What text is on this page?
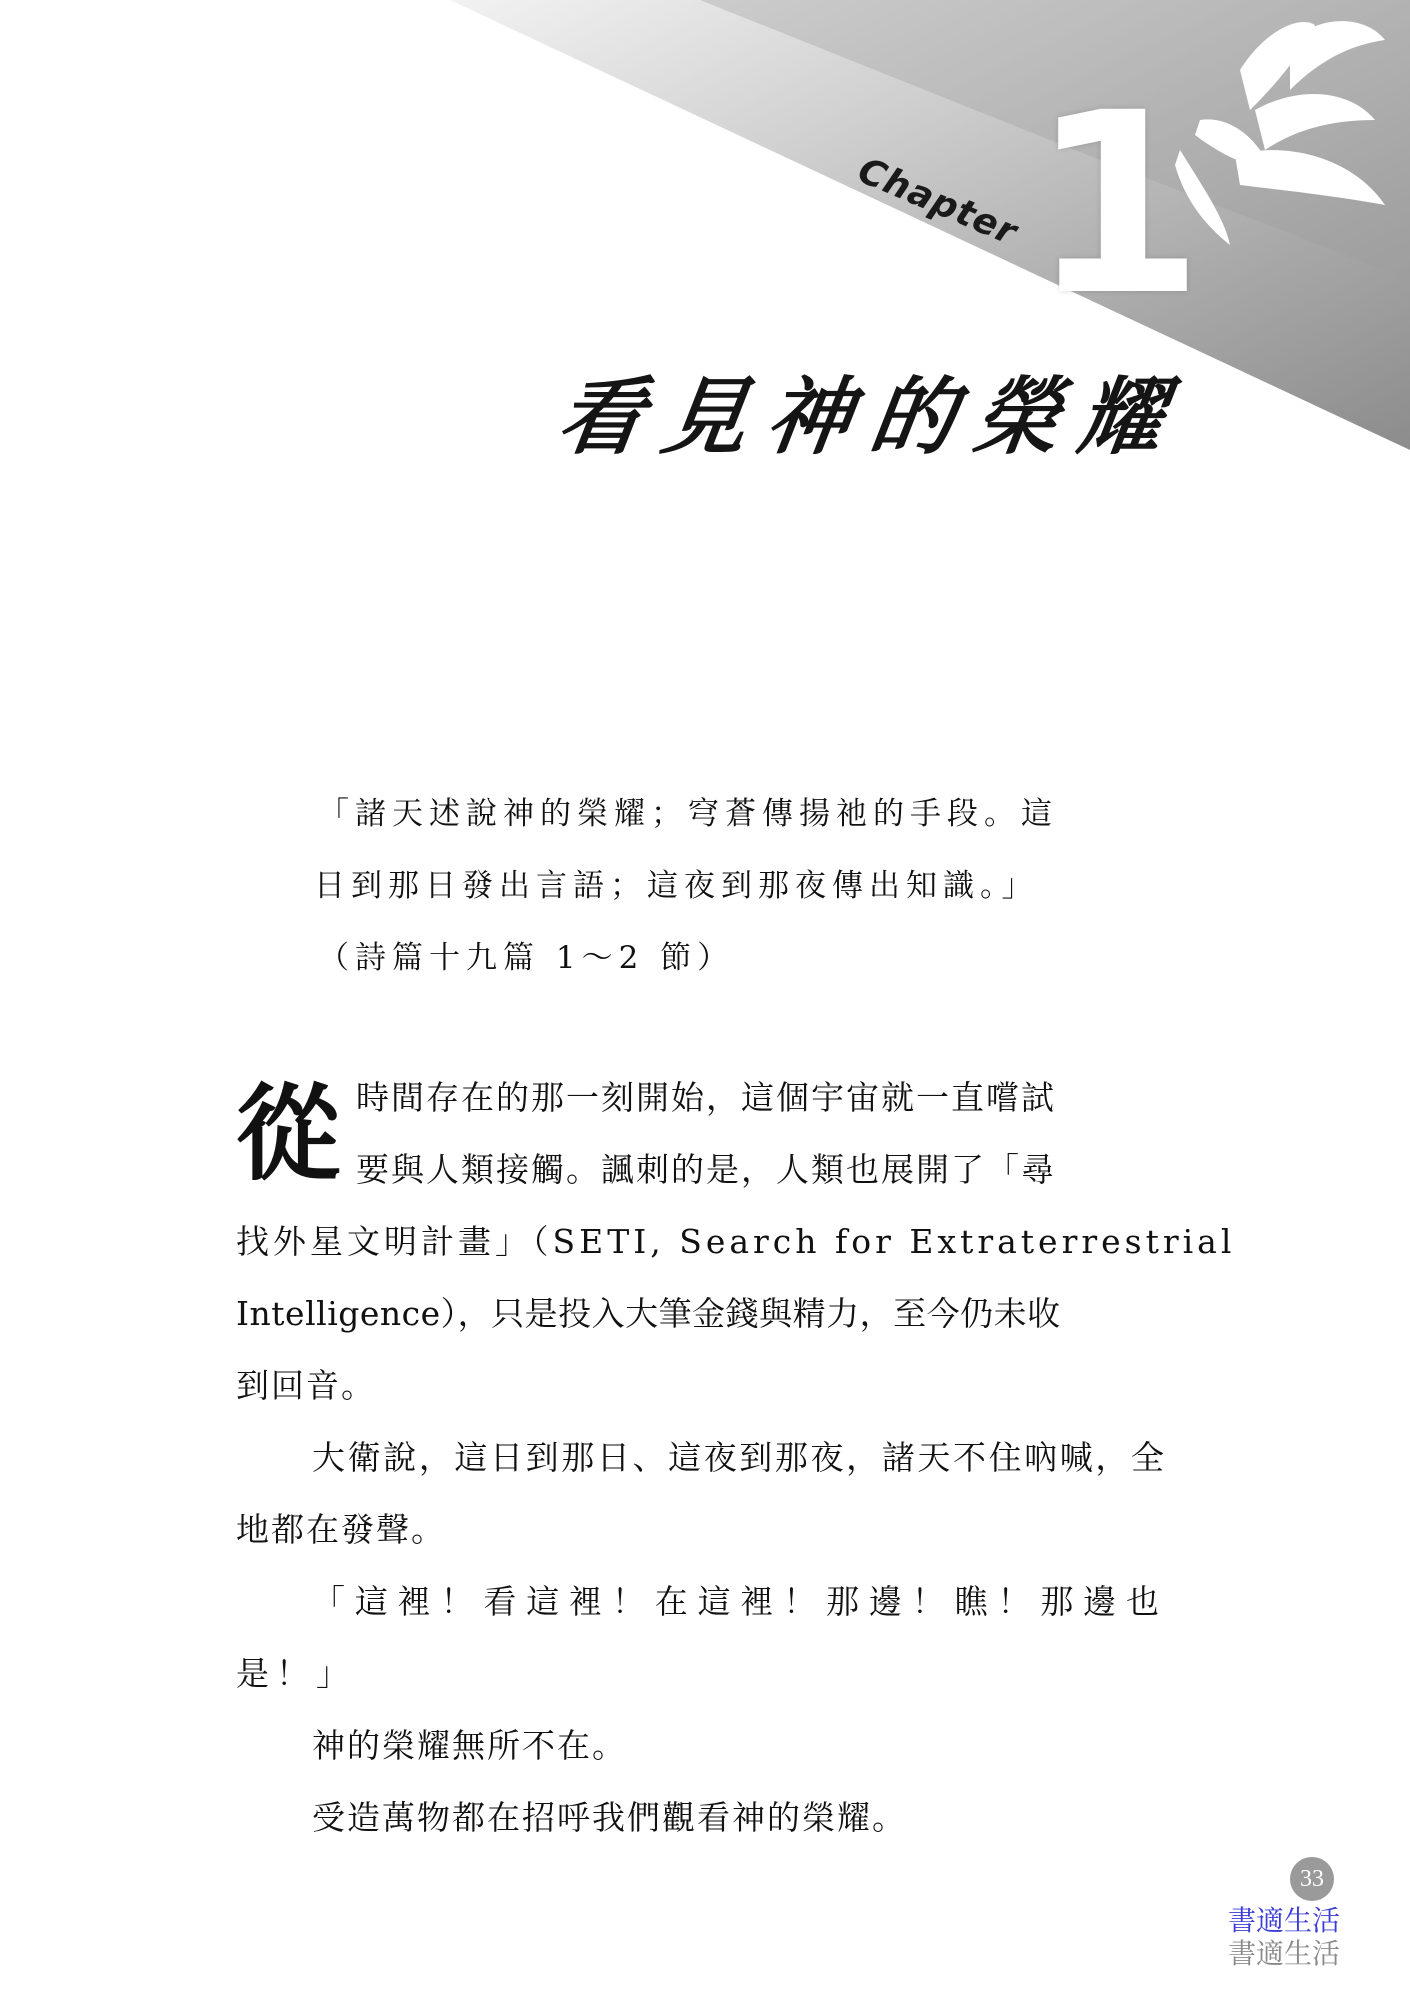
Chapter 1
看見神的榮耀

「諸天述說神的榮耀；穹蒼傳揚祂的手段。這

日到那日發出言語；這夜到那夜傳出知識。」

（詩篇十九篇 1～2 節）

從 時間存在的那一刻開始，這個宇宙就一直嚐試
要與人類接觸。諷刺的是，人類也展開了「尋
找外星文明計畫」（SETI, Search for Extraterrestrial
Intelligence），只是投入大筆金錢與精力，至今仍未收
到回音。

大衛說，這日到那日、這夜到那夜，諸天不住吶喊，全地都在發聲。

「這裡！看這裡！在這裡！那邊！瞧！那邊也是！」

神的榮耀無所不在。

受造萬物都在招呼我們觀看神的榮耀。

33
書適生活
書適生活
